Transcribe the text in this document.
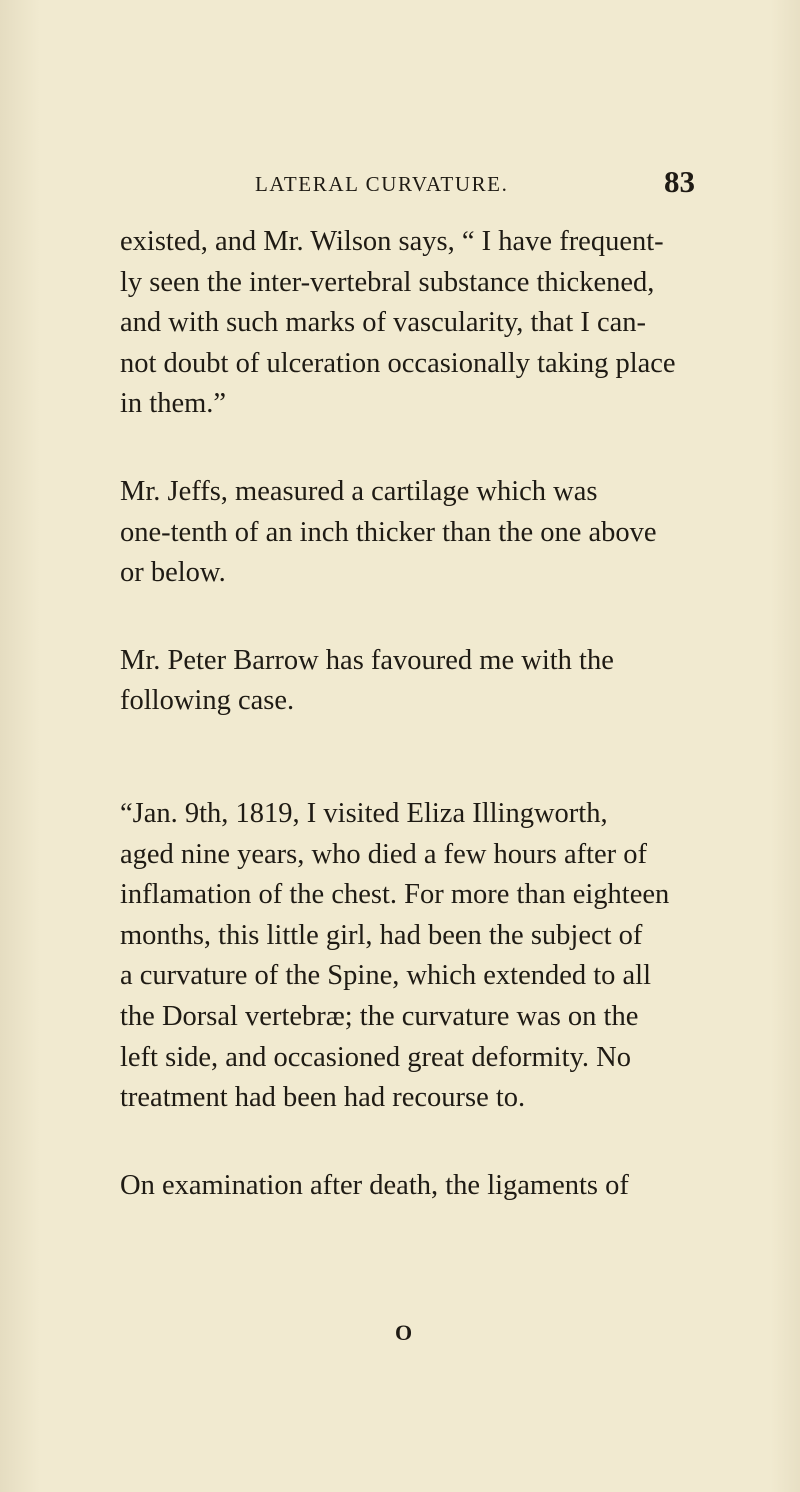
LATERAL CURVATURE.	83

existed, and Mr. Wilson says, “ I have frequent-
ly seen the inter-vertebral substance thickened,
and with such marks of vascularity, that I can-
not doubt of ulceration occasionally taking place
in them.”

Mr. Jeffs, measured a cartilage which was
one-tenth of an inch thicker than the one above
or below.

Mr. Peter Barrow has favoured me with the
following case.

“Jan. 9th, 1819, I visited Eliza Illingworth,
aged nine years, who died a few hours after of
inflamation of the chest. For more than eighteen
months, this little girl, had been the subject of
a curvature of the Spine, which extended to all
the Dorsal vertebræ; the curvature was on the
left side, and occasioned great deformity. No
treatment had been had recourse to.

On examination after death, the ligaments of

O
